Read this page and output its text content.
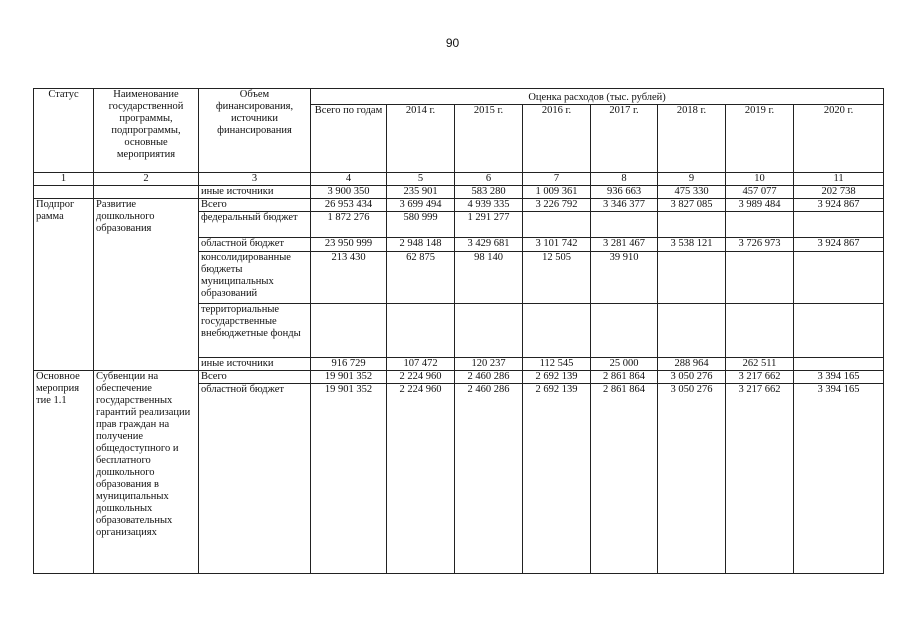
90
Статус	Наименование государственной программы, подпрограммы, основные мероприятия	Объем финансирования, источники финансирования	Оценка расходов (тыс. рублей)							
			Всего по годам	2014 г.	2015 г.	2016 г.	2017 г.	2018 г.	2019 г.	2020 г.
1	2	3	4	5	6	7	8	9	10	11
		иные источники	3 900 350	235 901	583 280	1 009 361	936 663	475 330	457 077	202 738
Подпрог рамма	Развитие дошкольного образования	Всего	26 953 434	3 699 494	4 939 335	3 226 792	3 346 377	3 827 085	3 989 484	3 924 867
		федеральный бюджет	1 872 276	580 999	1 291 277					
		областной бюджет	23 950 999	2 948 148	3 429 681	3 101 742	3 281 467	3 538 121	3 726 973	3 924 867
		консолидированные бюджеты муниципальных образований	213 430	62 875	98 140	12 505	39 910			
		территориальные государственные внебюджетные фонды								
		иные источники	916 729	107 472	120 237	112 545	25 000	288 964	262 511	
Основное мероприя тие 1.1	Субвенции на обеспечение государственных гарантий реализации прав граждан на получение общедоступного и бесплатного дошкольного образования в муниципальных дошкольных образовательных организациях	Всего	19 901 352	2 224 960	2 460 286	2 692 139	2 861 864	3 050 276	3 217 662	3 394 165
		областной бюджет	19 901 352	2 224 960	2 460 286	2 692 139	2 861 864	3 050 276	3 217 662	3 394 165
